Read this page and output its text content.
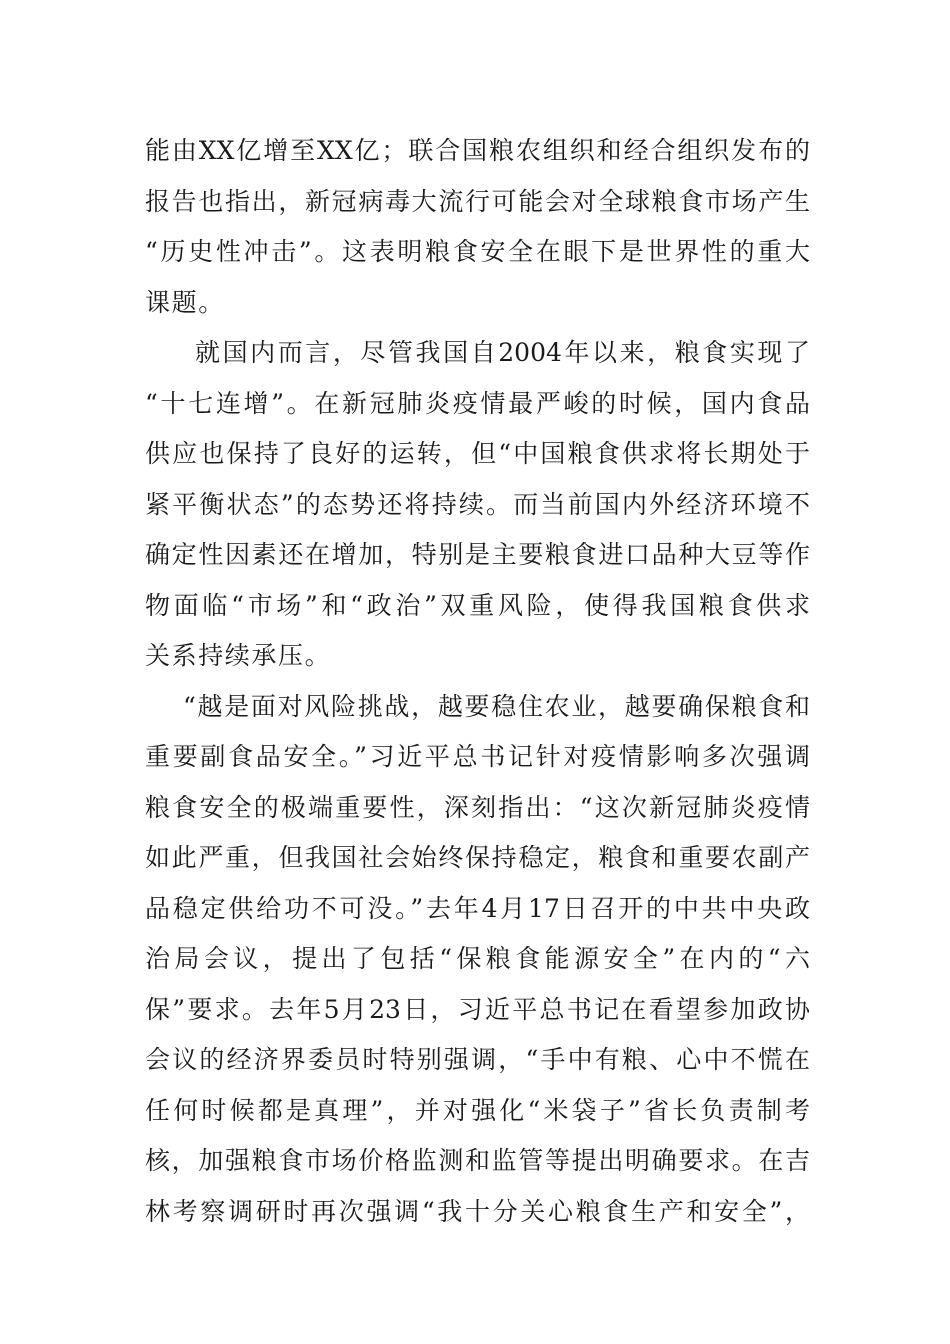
能由XX亿增至XX亿；联合国粮农组织和经合组织发布的
报告也指出，新冠病毒大流行可能会对全球粮食市场产生
“历史性冲击”。这表明粮食安全在眼下是世界性的重大
课题。
就国内而言，尽管我国自2004年以来，粮食实现了
“十七连增”。在新冠肺炎疫情最严峻的时候，国内食品
供应也保持了良好的运转，但“中国粮食供求将长期处于
紧平衡状态”的态势还将持续。而当前国内外经济环境不
确定性因素还在增加，特别是主要粮食进口品种大豆等作
物面临“市场”和“政治”双重风险，使得我国粮食供求
关系持续承压。
“越是面对风险挑战，越要稳住农业，越要确保粮食和
重要副食品安全。”习近平总书记针对疫情影响多次强调
粮食安全的极端重要性，深刻指出：“这次新冠肺炎疫情
如此严重，但我国社会始终保持稳定，粮食和重要农副产
品稳定供给功不可没。”去年4月17日召开的中共中央政
治局会议，提出了包括“保粮食能源安全”在内的“六
保”要求。去年5月23日，习近平总书记在看望参加政协
会议的经济界委员时特别强调，“手中有粮、心中不慌在
任何时候都是真理”，并对强化“米袋子”省长负责制考
核，加强粮食市场价格监测和监管等提出明确要求。在吉
林考察调研时再次强调“我十分关心粮食生产和安全”，
